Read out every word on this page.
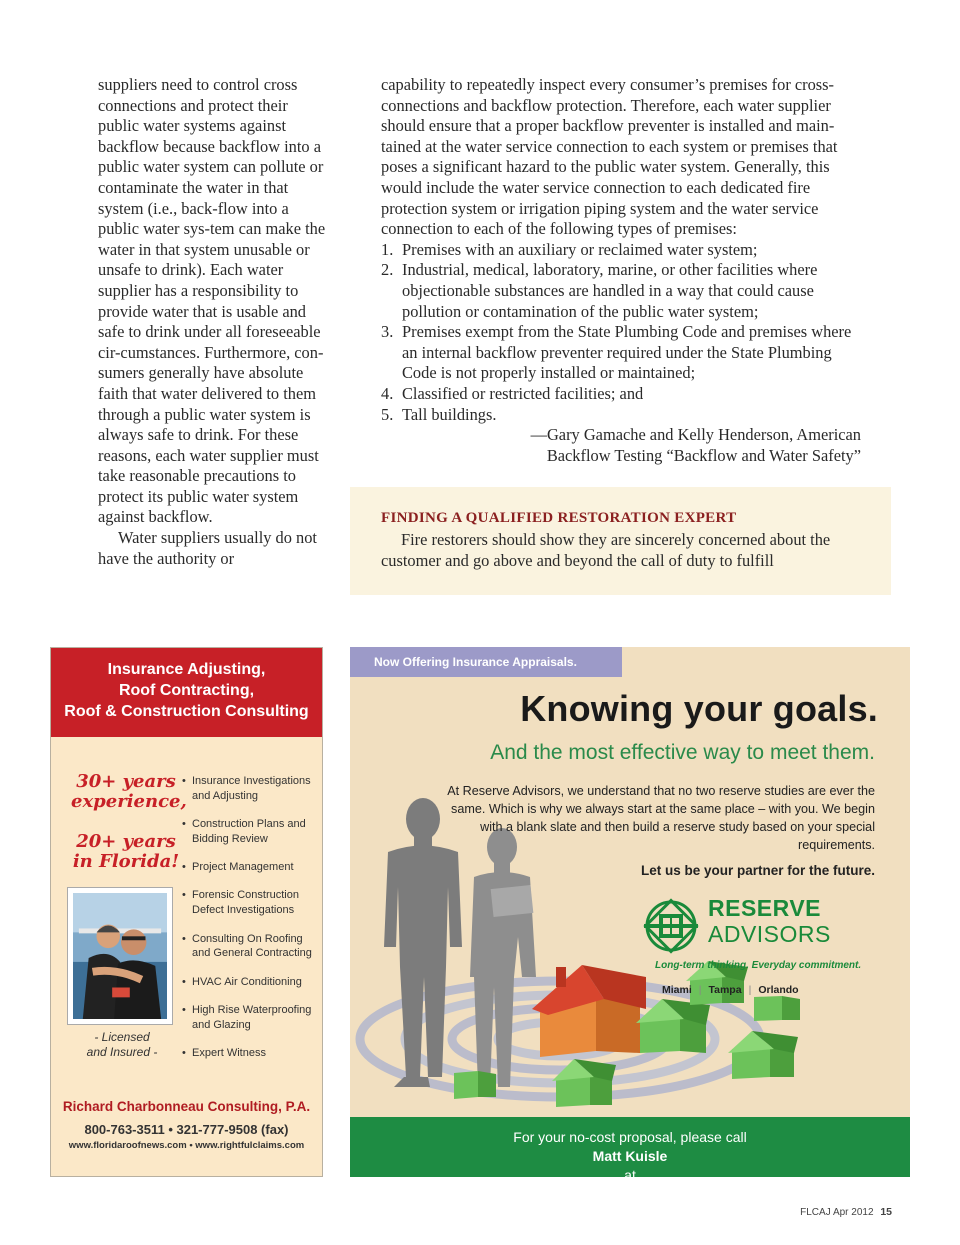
suppliers need to control cross connections and protect their public water systems against backflow because backflow into a public water system can pollute or contaminate the water in that system (i.e., back-flow into a public water sys-tem can make the water in that system unusable or unsafe to drink). Each water supplier has a responsibility to provide water that is usable and safe to drink under all foreseeable cir-cumstances. Furthermore, con-sumers generally have absolute faith that water delivered to them through a public water system is always safe to drink. For these reasons, each water supplier must take reasonable precautions to protect its public water system against backflow.

Water suppliers usually do not have the authority or

capability to repeatedly inspect every consumer’s premises for cross-connections and backflow protection. Therefore, each water supplier should ensure that a proper backflow preventer is installed and main-tained at the water service connection to each system or premises that poses a significant hazard to the public water system. Generally, this would include the water service connection to each dedicated fire protection system or irrigation piping system and the water service connection to each of the following types of premises:

1. Premises with an auxiliary or reclaimed water system;
2. Industrial, medical, laboratory, marine, or other facilities where objectionable substances are handled in a way that could cause pollution or contamination of the public water system;
3. Premises exempt from the State Plumbing Code and premises where an internal backflow preventer required under the State Plumbing Code is not properly installed or maintained;
4. Classified or restricted facilities; and
5. Tall buildings.
—Gary Gamache and Kelly Henderson, American
Backflow Testing “Backflow and Water Safety”
FINDING A QUALIFIED RESTORATION EXPERT
Fire restorers should show they are sincerely concerned about the customer and go above and beyond the call of duty to fulfill
Insurance Adjusting,
Roof Contracting,
Roof & Construction Consulting
30+ years
experience,
20+ years
in Florida!
- Licensed
and Insured -
• Insurance Investigations and Adjusting
• Construction Plans and Bidding Review
• Project Management
• Forensic Construction Defect Investigations
• Consulting On Roofing and General Contracting
• HVAC Air Conditioning
• High Rise Waterproofing and Glazing
• Expert Witness
Richard Charbonneau Consulting, P.A.
800-763-3511 • 321-777-9508 (fax)
www.floridaroofnews.com • www.rightfulclaims.com
Now Offering Insurance Appraisals.
Knowing your goals.
And the most effective way to meet them.
At Reserve Advisors, we understand that no two reserve studies are ever the same. Which is why we always start at the same place – with you. We begin with a blank slate and then build a reserve study based on your special requirements.
Let us be your partner for the future.
RESERVE
ADVISORS
Long-term thinking. Everyday commitment.
Miami | Tampa | Orlando
For your no-cost proposal, please call
Matt Kuisle
at
(800) 980-9881
or visit
reserveadvisors.com
FLCAJ Apr 2012 15
